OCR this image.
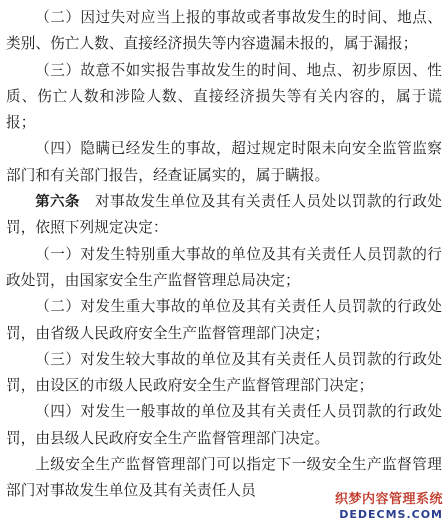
（二）因过失对应当上报的事故或者事故发生的时间、地点、类别、伤亡人数、直接经济损失等内容遗漏未报的，属于漏报；

（三）故意不如实报告事故发生的时间、地点、初步原因、性质、伤亡人数和涉险人数、直接经济损失等有关内容的，属于谎报；

（四）隐瞒已经发生的事故，超过规定时限未向安全监管监察部门和有关部门报告，经查证属实的，属于瞒报。

第六条　对事故发生单位及其有关责任人员处以罚款的行政处罚，依照下列规定决定：

（一）对发生特别重大事故的单位及其有关责任人员罚款的行政处罚，由国家安全生产监督管理总局决定；

（二）对发生重大事故的单位及其有关责任人员罚款的行政处罚，由省级人民政府安全生产监督管理部门决定；

（三）对发生较大事故的单位及其有关责任人员罚款的行政处罚，由设区的市级人民政府安全生产监督管理部门决定；

（四）对发生一般事故的单位及其有关责任人员罚款的行政处罚，由县级人民政府安全生产监督管理部门决定。

上级安全生产监督管理部门可以指定下一级安全生产监督管理部门对事故发生单位及其有关责任人员

织梦内容管理系统
DEDECMS.COM
